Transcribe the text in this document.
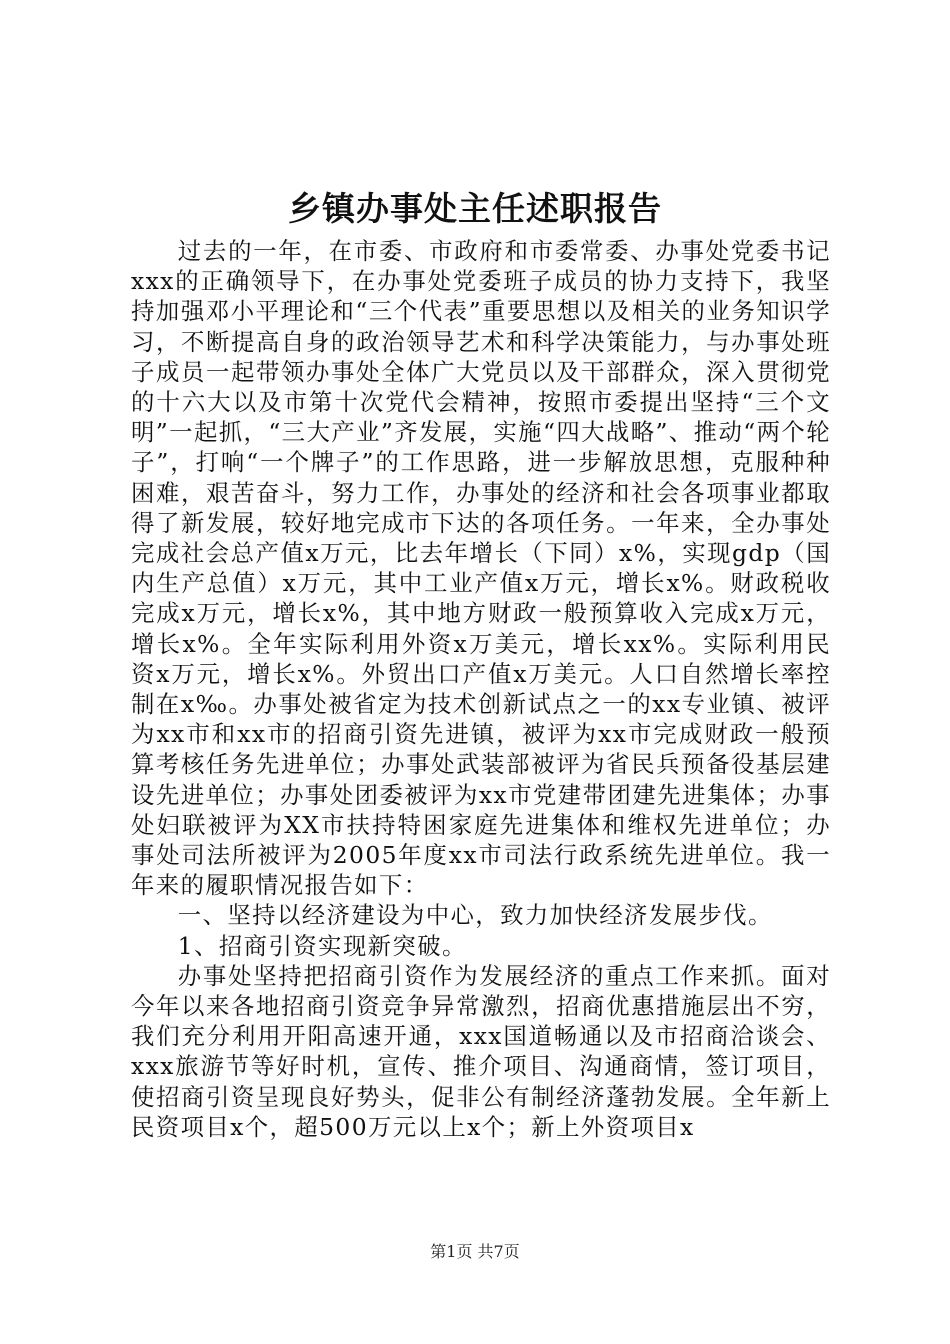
乡镇办事处主任述职报告

过去的一年，在市委、市政府和市委常委、办事处党委书记xxx的正确领导下，在办事处党委班子成员的协力支持下，我坚持加强邓小平理论和“三个代表”重要思想以及相关的业务知识学习，不断提高自身的政治领导艺术和科学决策能力，与办事处班子成员一起带领办事处全体广大党员以及干部群众，深入贯彻党的十六大以及市第十次党代会精神，按照市委提出坚持“三个文明”一起抓，“三大产业”齐发展，实施“四大战略”、推动“两个轮子”，打响“一个牌子”的工作思路，进一步解放思想，克服种种困难，艰苦奋斗，努力工作，办事处的经济和社会各项事业都取得了新发展，较好地完成市下达的各项任务。一年来，全办事处完成社会总产值x万元，比去年增长（下同）x%，实现gdp（国内生产总值）x万元，其中工业产值x万元，增长x%。财政税收完成x万元，增长x%，其中地方财政一般预算收入完成x万元，增长x%。全年实际利用外资x万美元，增长xx%。实际利用民资x万元，增长x%。外贸出口产值x万美元。人口自然增长率控制在x‰。办事处被省定为技术创新试点之一的xx专业镇、被评为xx市和xx市的招商引资先进镇，被评为xx市完成财政一般预算考核任务先进单位；办事处武装部被评为省民兵预备役基层建设先进单位；办事处团委被评为xx市党建带团建先进集体；办事处妇联被评为XX市扶持特困家庭先进集体和维权先进单位；办事处司法所被评为2005年度xx市司法行政系统先进单位。我一年来的履职情况报告如下：

一、坚持以经济建设为中心，致力加快经济发展步伐。

1、招商引资实现新突破。

办事处坚持把招商引资作为发展经济的重点工作来抓。面对今年以来各地招商引资竞争异常激烈，招商优惠措施层出不穷，我们充分利用开阳高速开通，xxx国道畅通以及市招商洽谈会、xxx旅游节等好时机，宣传、推介项目、沟通商情，签订项目，使招商引资呈现良好势头，促非公有制经济蓬勃发展。全年新上民资项目x个，超500万元以上x个；新上外资项目x

第1页 共7页
